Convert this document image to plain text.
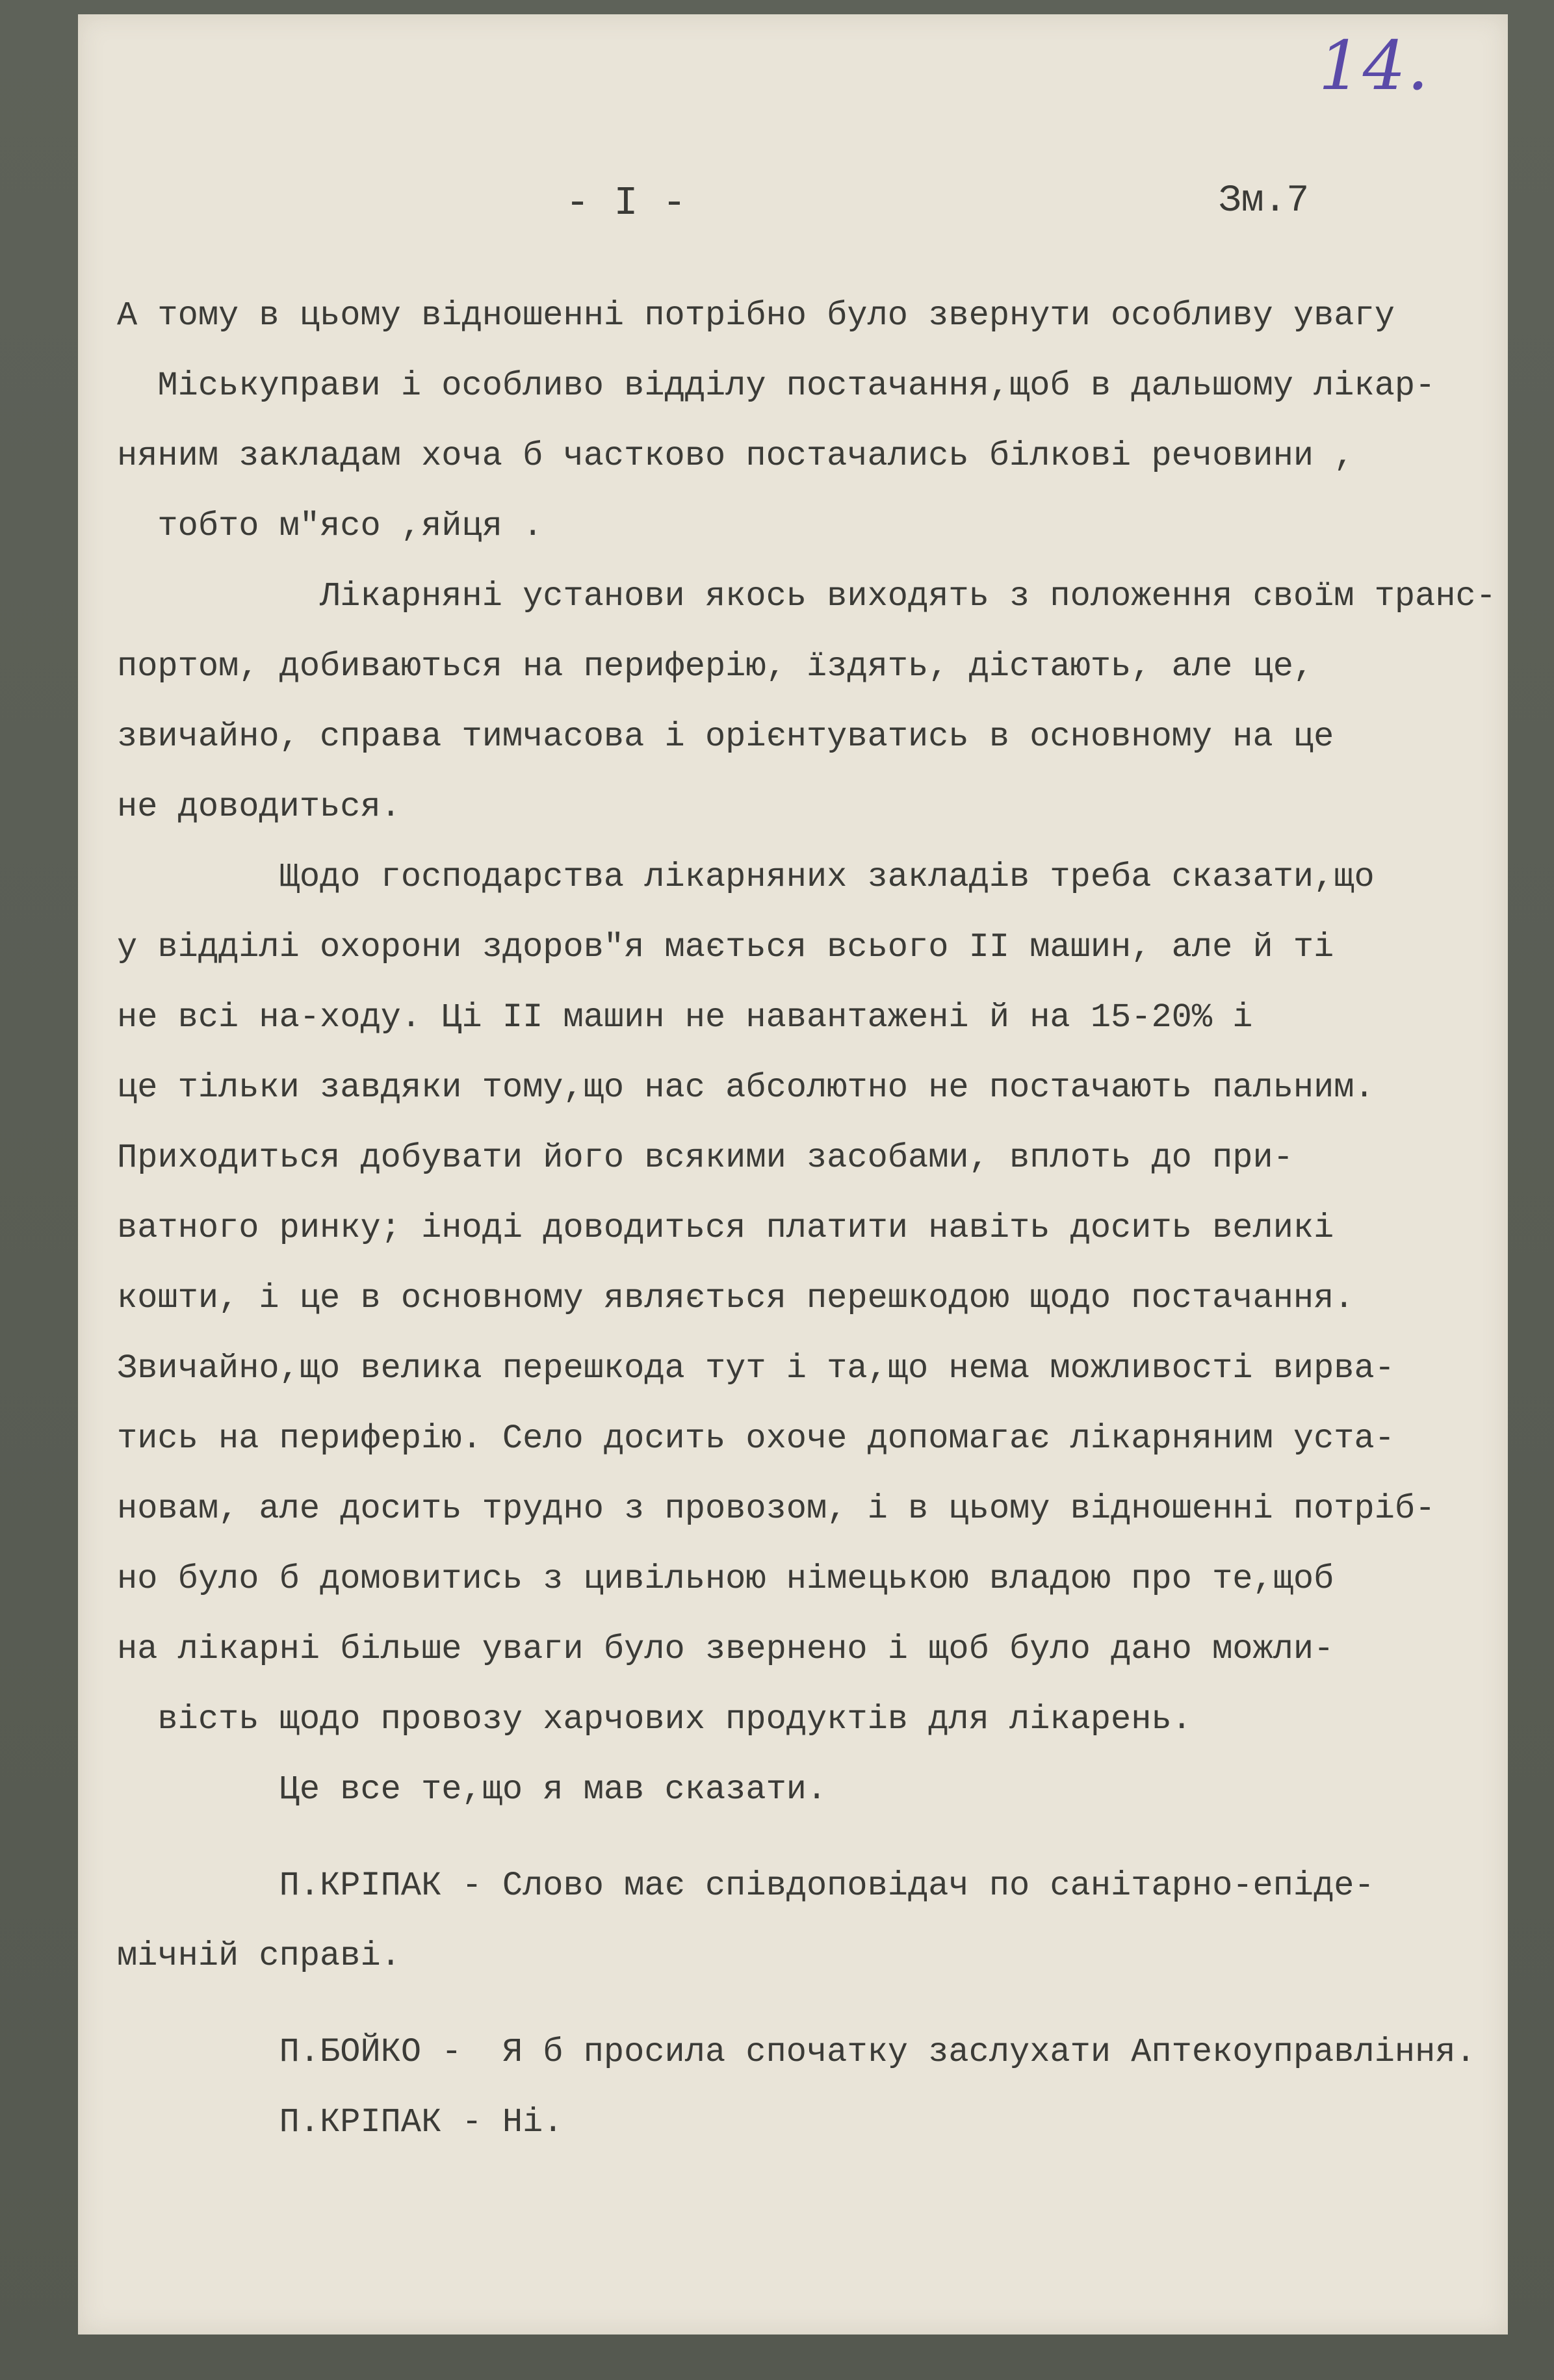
14.
- I -	Зм.7
А тому в цьому відношенні потрібно було звернути особливу увагу
Міськуправи і особливо відділу постачання,щоб в дальшому лікар-
няним закладам хоча б частково постачались білкові речовини ,
тобто м"ясо ,яйця .
Лікарняні установи якось виходять з положення своїм транс-
портом, добиваються на периферію, їздять, дістають, але це,
звичайно, справа тимчасова і орієнтуватись в основному на це
не доводиться.
Щодо господарства лікарняних закладів треба сказати,що
у відділі охорони здоров"я мається всього II машин, але й ті
не всі на-ходу. Ці II машин не навантажені й на 15-20% і
це тільки завдяки тому,що нас абсолютно не постачають пальним.
Приходиться добувати його всякими засобами, вплоть до при-
ватного ринку; іноді доводиться платити навіть досить великі
кошти, і це в основному являється перешкодою щодо постачання.
Звичайно,що велика перешкода тут і та,що нема можливості вирва-
тись на периферію. Село досить охоче допомагає лікарняним уста-
новам, але досить трудно з провозом, і в цьому відношенні потріб-
но було б домовитись з цивільною німецькою владою про те,щоб
на лікарні більше уваги було звернено і щоб було дано можли-
вість щодо провозу харчових продуктів для лікарень.
Це все те,що я мав сказати.
П.КРІПАК - Слово має співдоповідач по санітарно-епіде-
мічній справі.
П.БОЙКО -  Я б просила спочатку заслухати Аптекоуправління.
П.КРІПАК - Ні.
